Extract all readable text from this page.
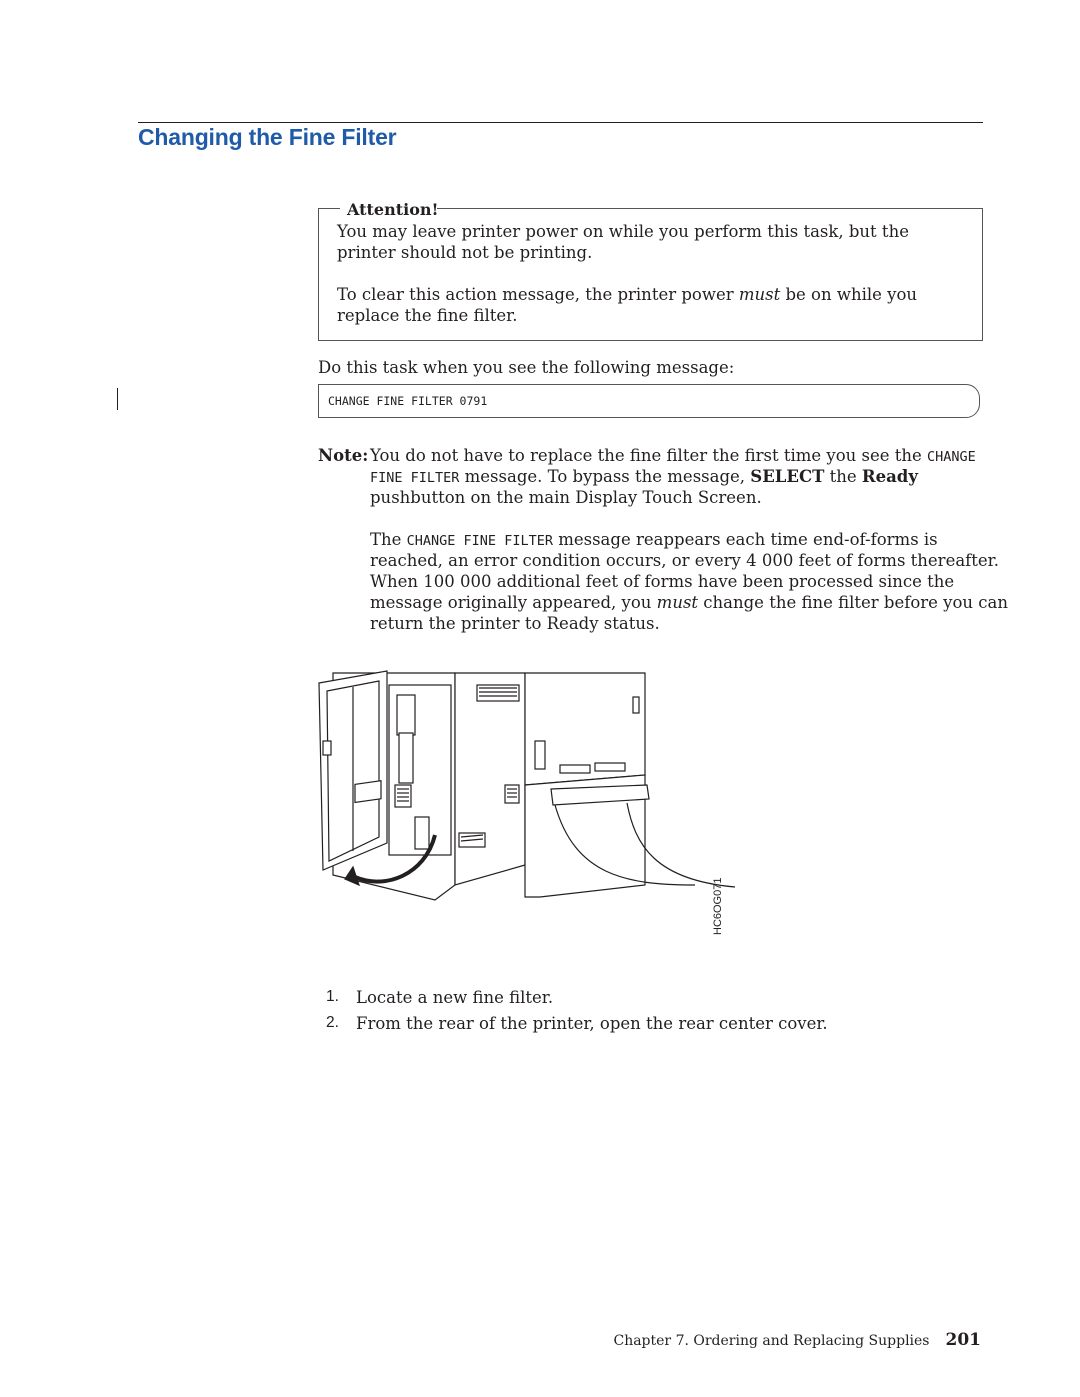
Changing the Fine Filter
Attention!
You may leave printer power on while you perform this task, but the printer should not be printing.
To clear this action message, the printer power must be on while you replace the fine filter.
Do this task when you see the following message:
CHANGE FINE FILTER 0791
Note: You do not have to replace the fine filter the first time you see the CHANGE
FINE FILTER message. To bypass the message, SELECT the Ready
pushbutton on the main Display Touch Screen.
The CHANGE FINE FILTER message reappears each time end-of-forms is
reached, an error condition occurs, or every 4 000 feet of forms thereafter.
When 100 000 additional feet of forms have been processed since the
message originally appeared, you must change the fine filter before you can
return the printer to Ready status.
HC6OG071
1. Locate a new fine filter.
2. From the rear of the printer, open the rear center cover.
Chapter 7. Ordering and Replacing Supplies 201
